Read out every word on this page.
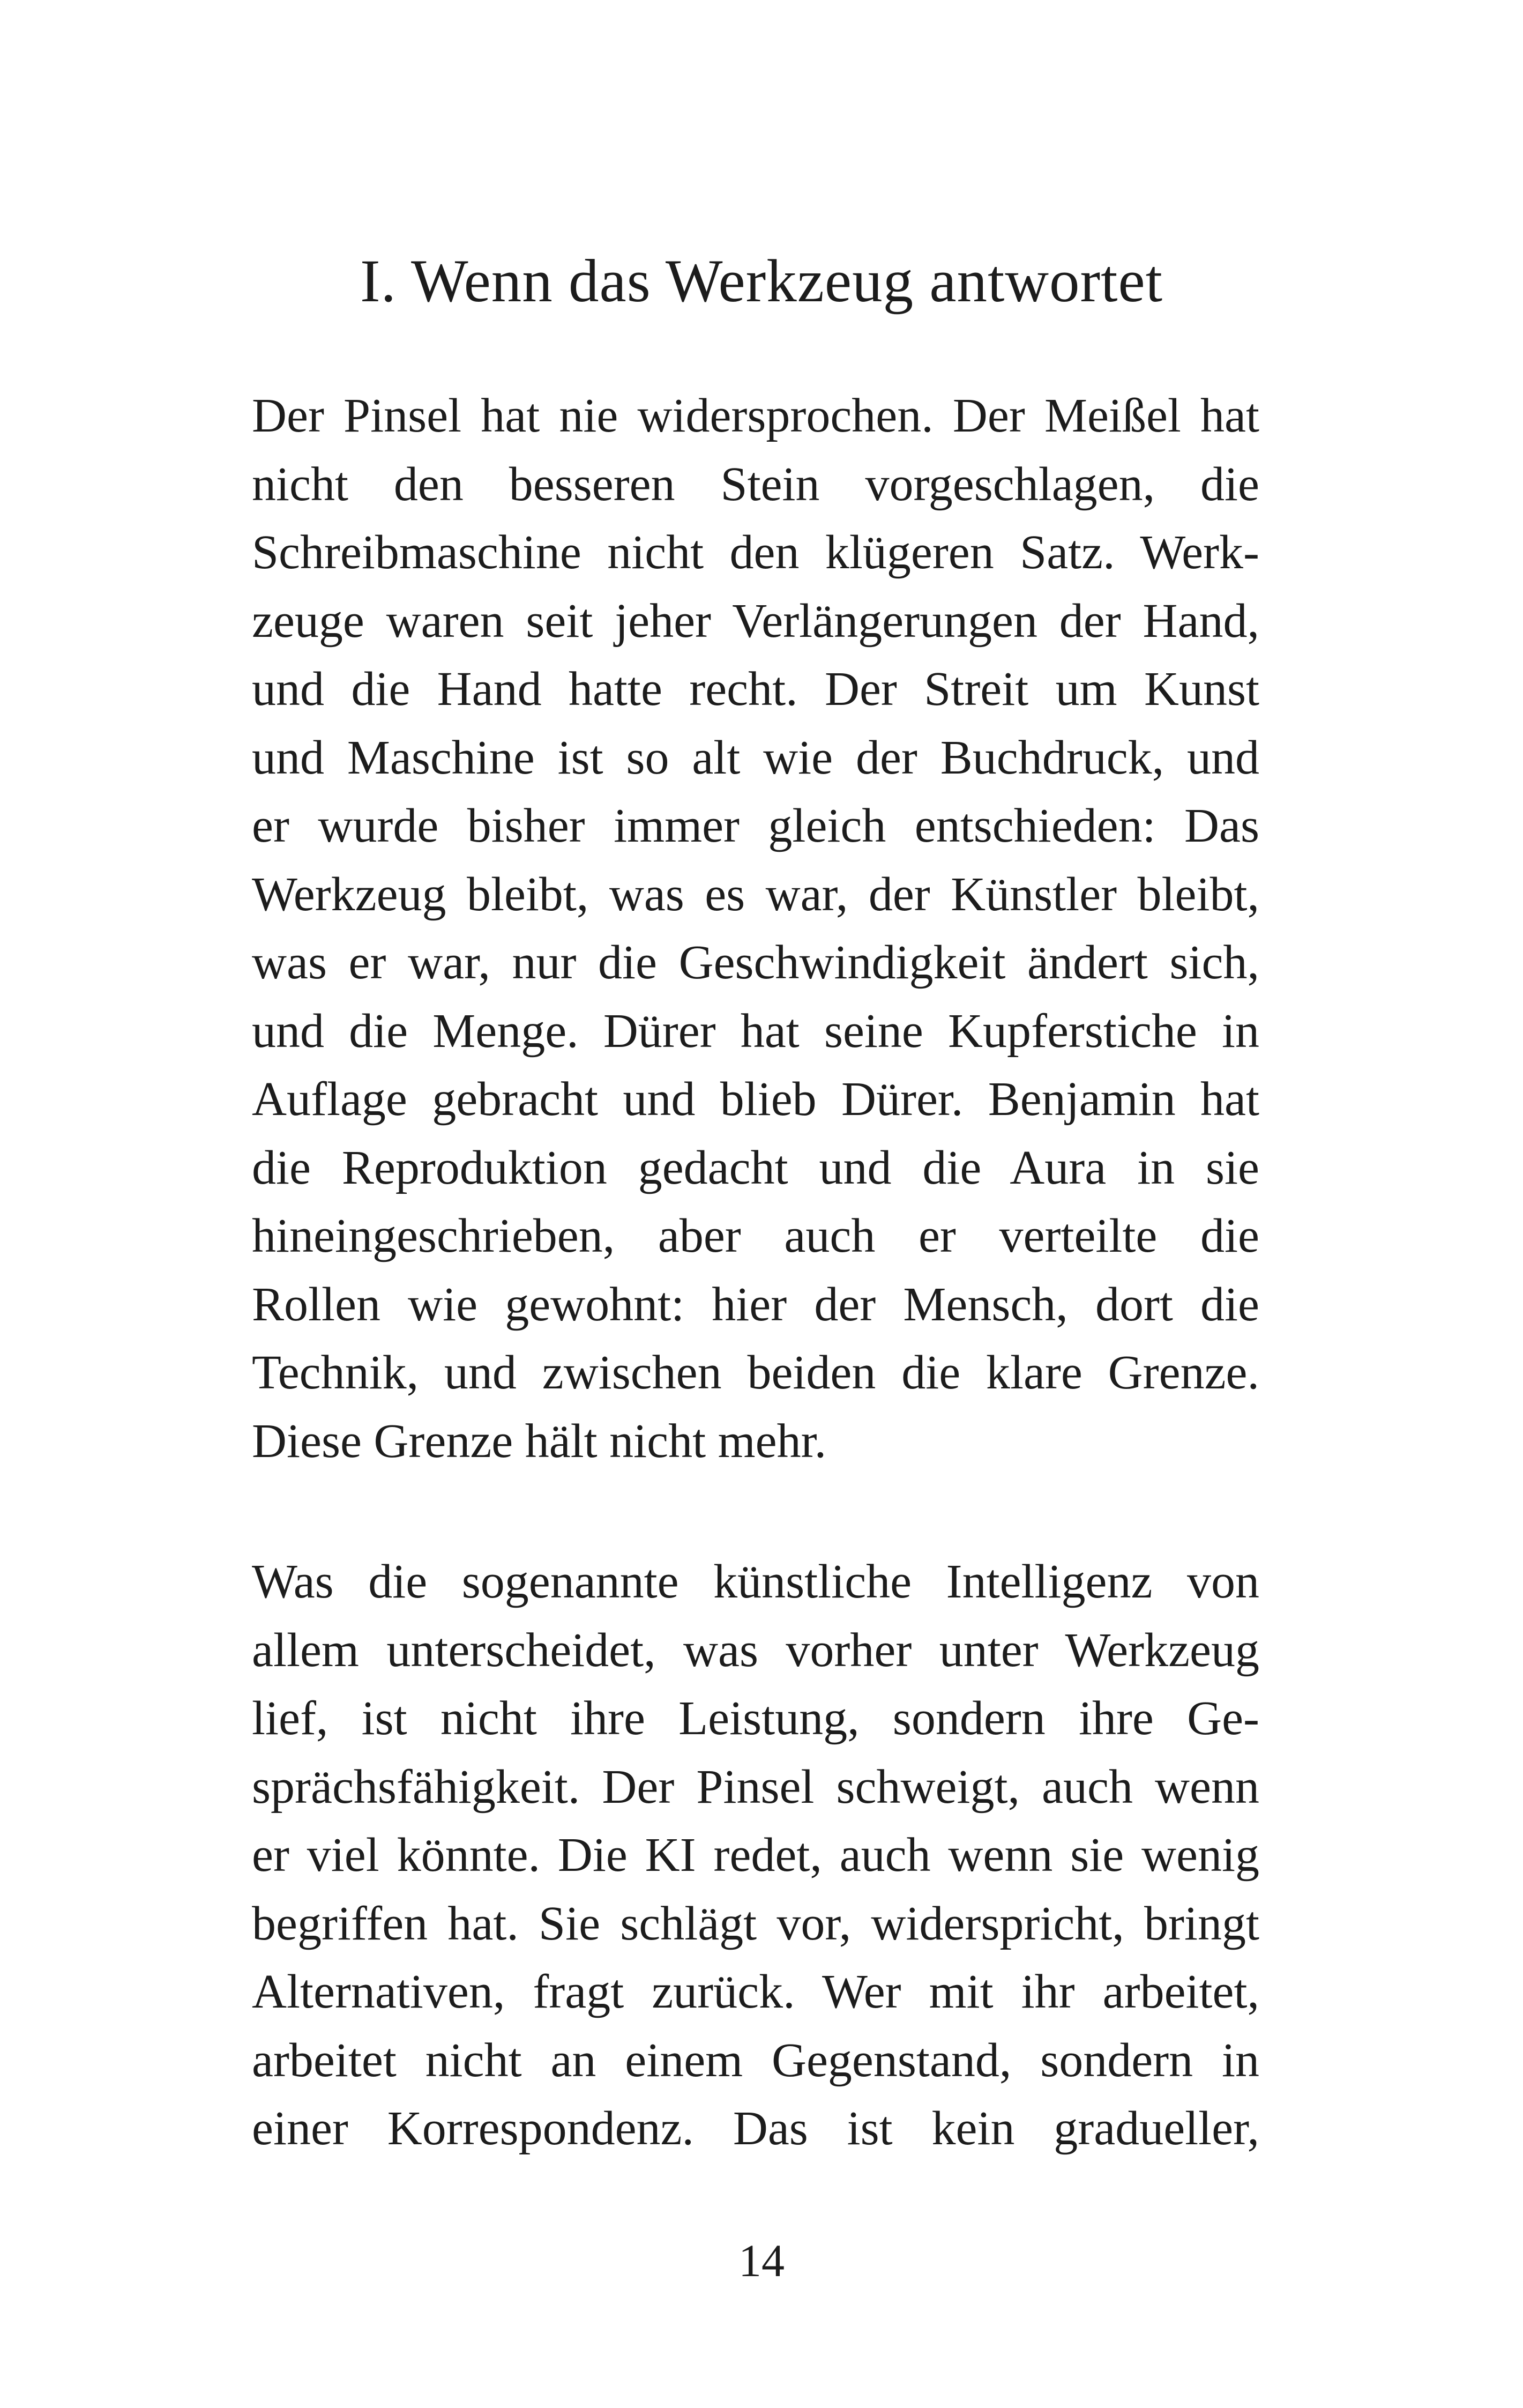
I. Wenn das Werkzeug antwortet
Der Pinsel hat nie widersprochen. Der Meißel hat
nicht den besseren Stein vorgeschlagen, die
Schreibmaschine nicht den klügeren Satz. Werk-
zeuge waren seit jeher Verlängerungen der Hand,
und die Hand hatte recht. Der Streit um Kunst
und Maschine ist so alt wie der Buchdruck, und
er wurde bisher immer gleich entschieden: Das
Werkzeug bleibt, was es war, der Künstler bleibt,
was er war, nur die Geschwindigkeit ändert sich,
und die Menge. Dürer hat seine Kupferstiche in
Auflage gebracht und blieb Dürer. Benjamin hat
die Reproduktion gedacht und die Aura in sie
hineingeschrieben, aber auch er verteilte die
Rollen wie gewohnt: hier der Mensch, dort die
Technik, und zwischen beiden die klare Grenze.
Diese Grenze hält nicht mehr.
Was die sogenannte künstliche Intelligenz von
allem unterscheidet, was vorher unter Werkzeug
lief, ist nicht ihre Leistung, sondern ihre Ge-
sprächsfähigkeit. Der Pinsel schweigt, auch wenn
er viel könnte. Die KI redet, auch wenn sie wenig
begriffen hat. Sie schlägt vor, widerspricht, bringt
Alternativen, fragt zurück. Wer mit ihr arbeitet,
arbeitet nicht an einem Gegenstand, sondern in
einer Korrespondenz. Das ist kein gradueller,
14
